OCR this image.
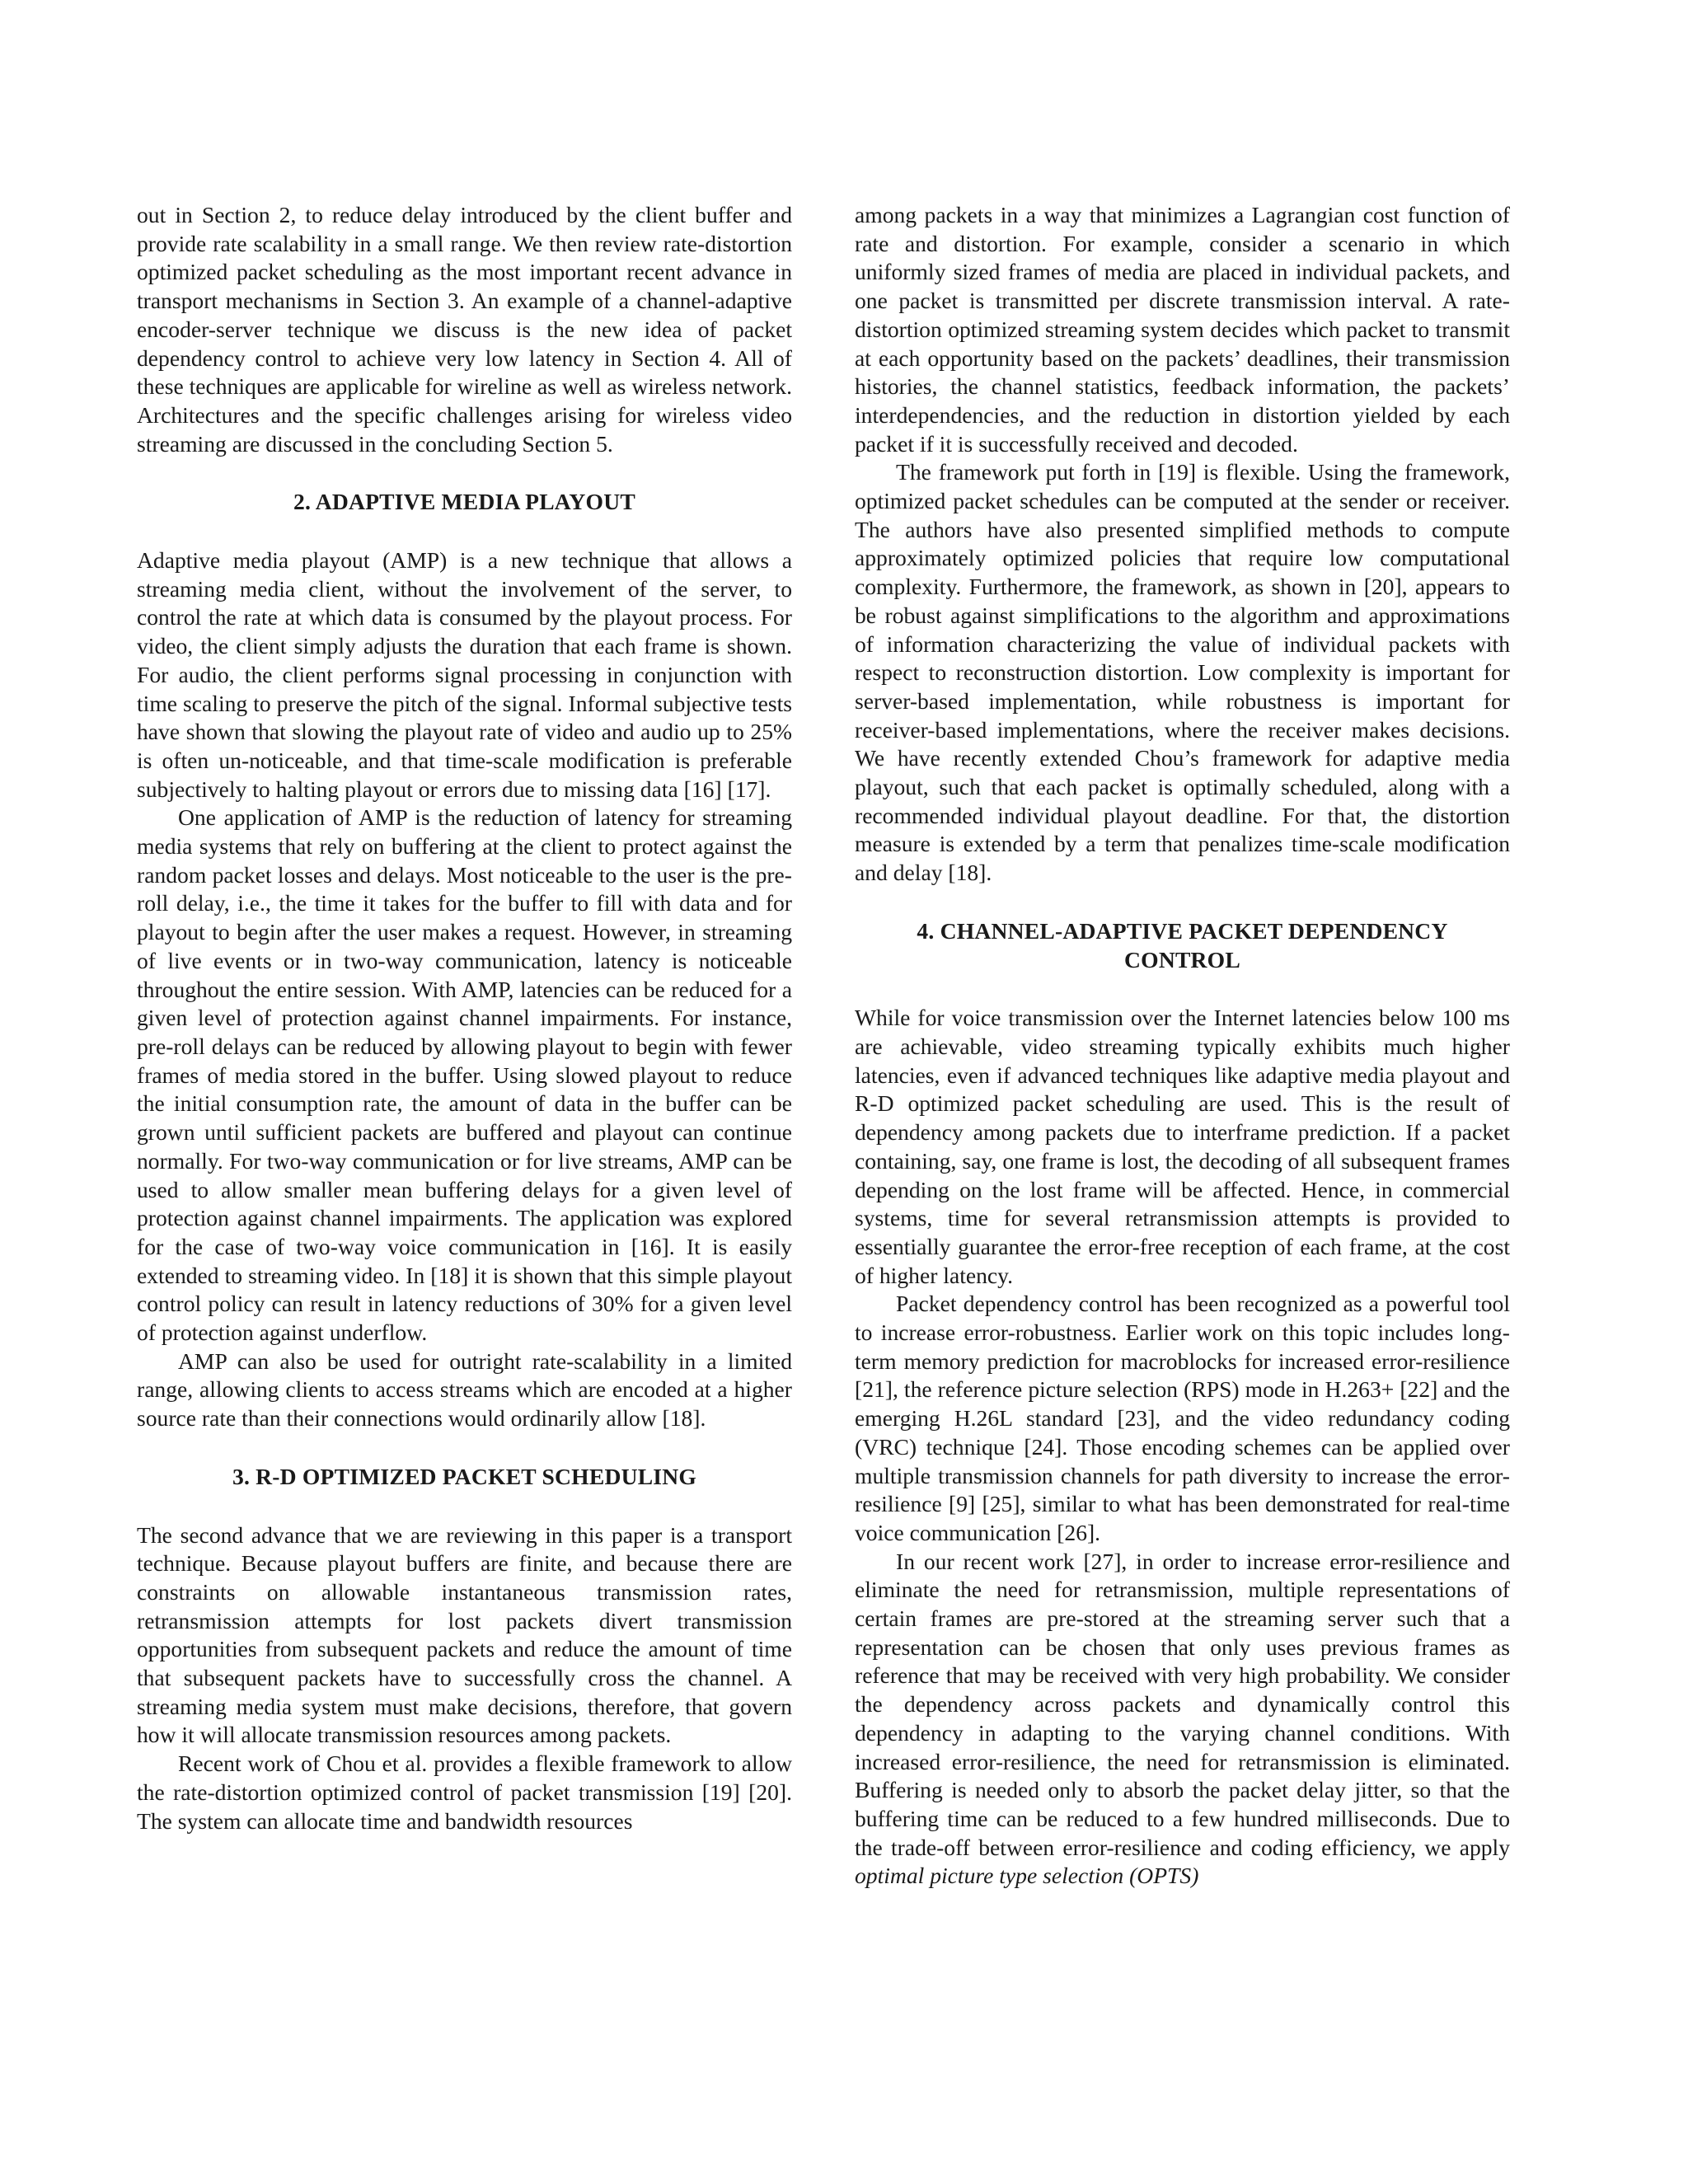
out in Section 2, to reduce delay introduced by the client buffer and provide rate scalability in a small range. We then review rate-distortion optimized packet scheduling as the most important recent advance in transport mechanisms in Section 3. An example of a channel-adaptive encoder-server technique we discuss is the new idea of packet dependency control to achieve very low latency in Section 4. All of these techniques are applicable for wireline as well as wireless network. Architectures and the specific challenges arising for wireless video streaming are discussed in the concluding Section 5.

2. ADAPTIVE MEDIA PLAYOUT

Adaptive media playout (AMP) is a new technique that allows a streaming media client, without the involvement of the server, to control the rate at which data is consumed by the playout process. For video, the client simply adjusts the duration that each frame is shown. For audio, the client performs signal processing in conjunction with time scaling to preserve the pitch of the signal. Informal subjective tests have shown that slowing the playout rate of video and audio up to 25% is often un-noticeable, and that time-scale modification is preferable subjectively to halting playout or errors due to missing data [16] [17].

One application of AMP is the reduction of latency for streaming media systems that rely on buffering at the client to protect against the random packet losses and delays. Most noticeable to the user is the pre-roll delay, i.e., the time it takes for the buffer to fill with data and for playout to begin after the user makes a request. However, in streaming of live events or in two-way communication, latency is noticeable throughout the entire session. With AMP, latencies can be reduced for a given level of protection against channel impairments. For instance, pre-roll delays can be reduced by allowing playout to begin with fewer frames of media stored in the buffer. Using slowed playout to reduce the initial consumption rate, the amount of data in the buffer can be grown until sufficient packets are buffered and playout can continue normally. For two-way communication or for live streams, AMP can be used to allow smaller mean buffering delays for a given level of protection against channel impairments. The application was explored for the case of two-way voice communication in [16]. It is easily extended to streaming video. In [18] it is shown that this simple playout control policy can result in latency reductions of 30% for a given level of protection against underflow.

AMP can also be used for outright rate-scalability in a limited range, allowing clients to access streams which are encoded at a higher source rate than their connections would ordinarily allow [18].

3. R-D OPTIMIZED PACKET SCHEDULING

The second advance that we are reviewing in this paper is a transport technique. Because playout buffers are finite, and because there are constraints on allowable instantaneous transmission rates, retransmission attempts for lost packets divert transmission opportunities from subsequent packets and reduce the amount of time that subsequent packets have to successfully cross the channel. A streaming media system must make decisions, therefore, that govern how it will allocate transmission resources among packets.

Recent work of Chou et al. provides a flexible framework to allow the rate-distortion optimized control of packet transmission [19] [20]. The system can allocate time and bandwidth resources

among packets in a way that minimizes a Lagrangian cost function of rate and distortion. For example, consider a scenario in which uniformly sized frames of media are placed in individual packets, and one packet is transmitted per discrete transmission interval. A rate-distortion optimized streaming system decides which packet to transmit at each opportunity based on the packets’ deadlines, their transmission histories, the channel statistics, feedback information, the packets’ interdependencies, and the reduction in distortion yielded by each packet if it is successfully received and decoded.

The framework put forth in [19] is flexible. Using the framework, optimized packet schedules can be computed at the sender or receiver. The authors have also presented simplified methods to compute approximately optimized policies that require low computational complexity. Furthermore, the framework, as shown in [20], appears to be robust against simplifications to the algorithm and approximations of information characterizing the value of individual packets with respect to reconstruction distortion. Low complexity is important for server-based implementation, while robustness is important for receiver-based implementations, where the receiver makes decisions. We have recently extended Chou’s framework for adaptive media playout, such that each packet is optimally scheduled, along with a recommended individual playout deadline. For that, the distortion measure is extended by a term that penalizes time-scale modification and delay [18].

4. CHANNEL-ADAPTIVE PACKET DEPENDENCY
CONTROL

While for voice transmission over the Internet latencies below 100 ms are achievable, video streaming typically exhibits much higher latencies, even if advanced techniques like adaptive media playout and R-D optimized packet scheduling are used. This is the result of dependency among packets due to interframe prediction. If a packet containing, say, one frame is lost, the decoding of all subsequent frames depending on the lost frame will be affected. Hence, in commercial systems, time for several retransmission attempts is provided to essentially guarantee the error-free reception of each frame, at the cost of higher latency.

Packet dependency control has been recognized as a powerful tool to increase error-robustness. Earlier work on this topic includes long-term memory prediction for macroblocks for increased error-resilience [21], the reference picture selection (RPS) mode in H.263+ [22] and the emerging H.26L standard [23], and the video redundancy coding (VRC) technique [24]. Those encoding schemes can be applied over multiple transmission channels for path diversity to increase the error-resilience [9] [25], similar to what has been demonstrated for real-time voice communication [26].

In our recent work [27], in order to increase error-resilience and eliminate the need for retransmission, multiple representations of certain frames are pre-stored at the streaming server such that a representation can be chosen that only uses previous frames as reference that may be received with very high probability. We consider the dependency across packets and dynamically control this dependency in adapting to the varying channel conditions. With increased error-resilience, the need for retransmission is eliminated. Buffering is needed only to absorb the packet delay jitter, so that the buffering time can be reduced to a few hundred milliseconds. Due to the trade-off between error-resilience and coding efficiency, we apply optimal picture type selection (OPTS)
